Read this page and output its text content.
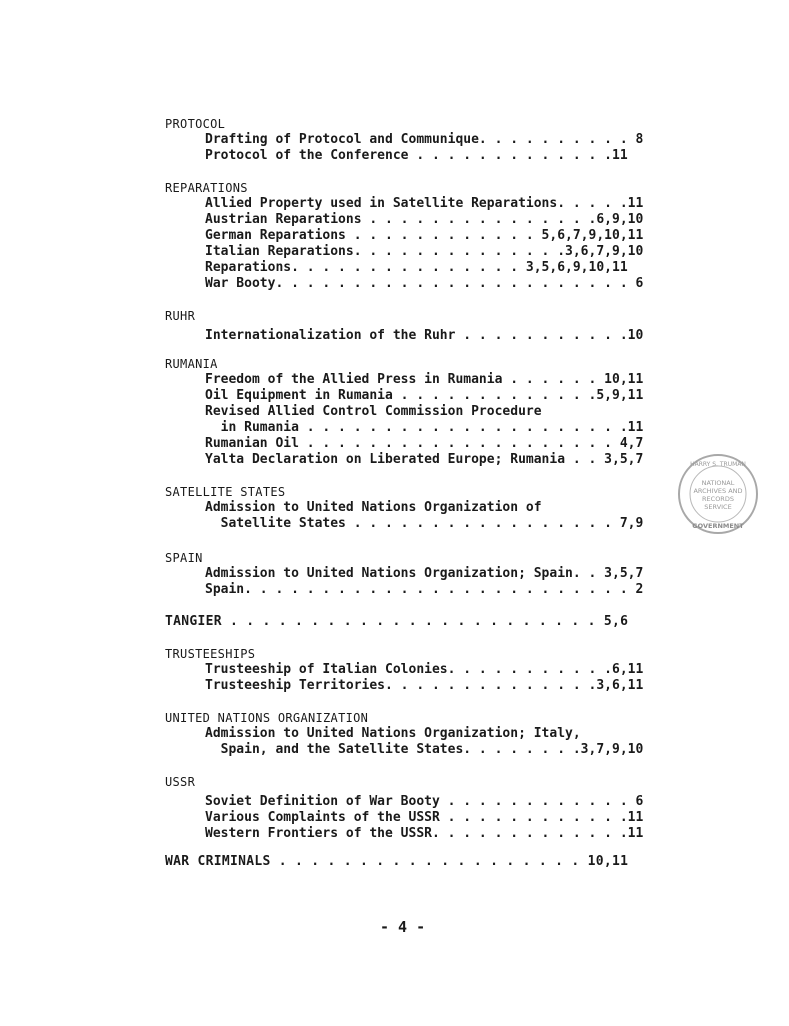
PROTOCOL
Drafting of Protocol and Communique. . . . . . . . . . 8
Protocol of the Conference . . . . . . . . . . . . .11
REPARATIONS
Allied Property used in Satellite Reparations. . . . .11
Austrian Reparations . . . . . . . . . . . . . . .6,9,10
German Reparations . . . . . . . . . . . . 5,6,7,9,10,11
Italian Reparations. . . . . . . . . . . . . .3,6,7,9,10
Reparations. . . . . . . . . . . . . . . 3,5,6,9,10,11
War Booty. . . . . . . . . . . . . . . . . . . . . . . 6
RUHR
Internationalization of the Ruhr . . . . . . . . . . .10
RUMANIA
Freedom of the Allied Press in Rumania . . . . . . 10,11
Oil Equipment in Rumania . . . . . . . . . . . . .5,9,11
Revised Allied Control Commission Procedure
in Rumania . . . . . . . . . . . . . . . . . . . . .11
Rumanian Oil . . . . . . . . . . . . . . . . . . . . 4,7
Yalta Declaration on Liberated Europe; Rumania . . 3,5,7
SATELLITE STATES
Admission to United Nations Organization of
Satellite States . . . . . . . . . . . . . . . . . 7,9
SPAIN
Admission to United Nations Organization; Spain. . 3,5,7
Spain. . . . . . . . . . . . . . . . . . . . . . . . . 2
TANGIER . . . . . . . . . . . . . . . . . . . . . . . 5,6
TRUSTEESHIPS
Trusteeship of Italian Colonies. . . . . . . . . . .6,11
Trusteeship Territories. . . . . . . . . . . . . .3,6,11
UNITED NATIONS ORGANIZATION
Admission to United Nations Organization; Italy,
Spain, and the Satellite States. . . . . . . .3,7,9,10
USSR
Soviet Definition of War Booty . . . . . . . . . . . . 6
Various Complaints of the USSR . . . . . . . . . . . .11
Western Frontiers of the USSR. . . . . . . . . . . . .11
WAR CRIMINALS . . . . . . . . . . . . . . . . . . . 10,11
- 4 -
HARRY S. TRUMAN
NATIONAL
ARCHIVES AND
RECORDS
SERVICE
GOVERNMENT
